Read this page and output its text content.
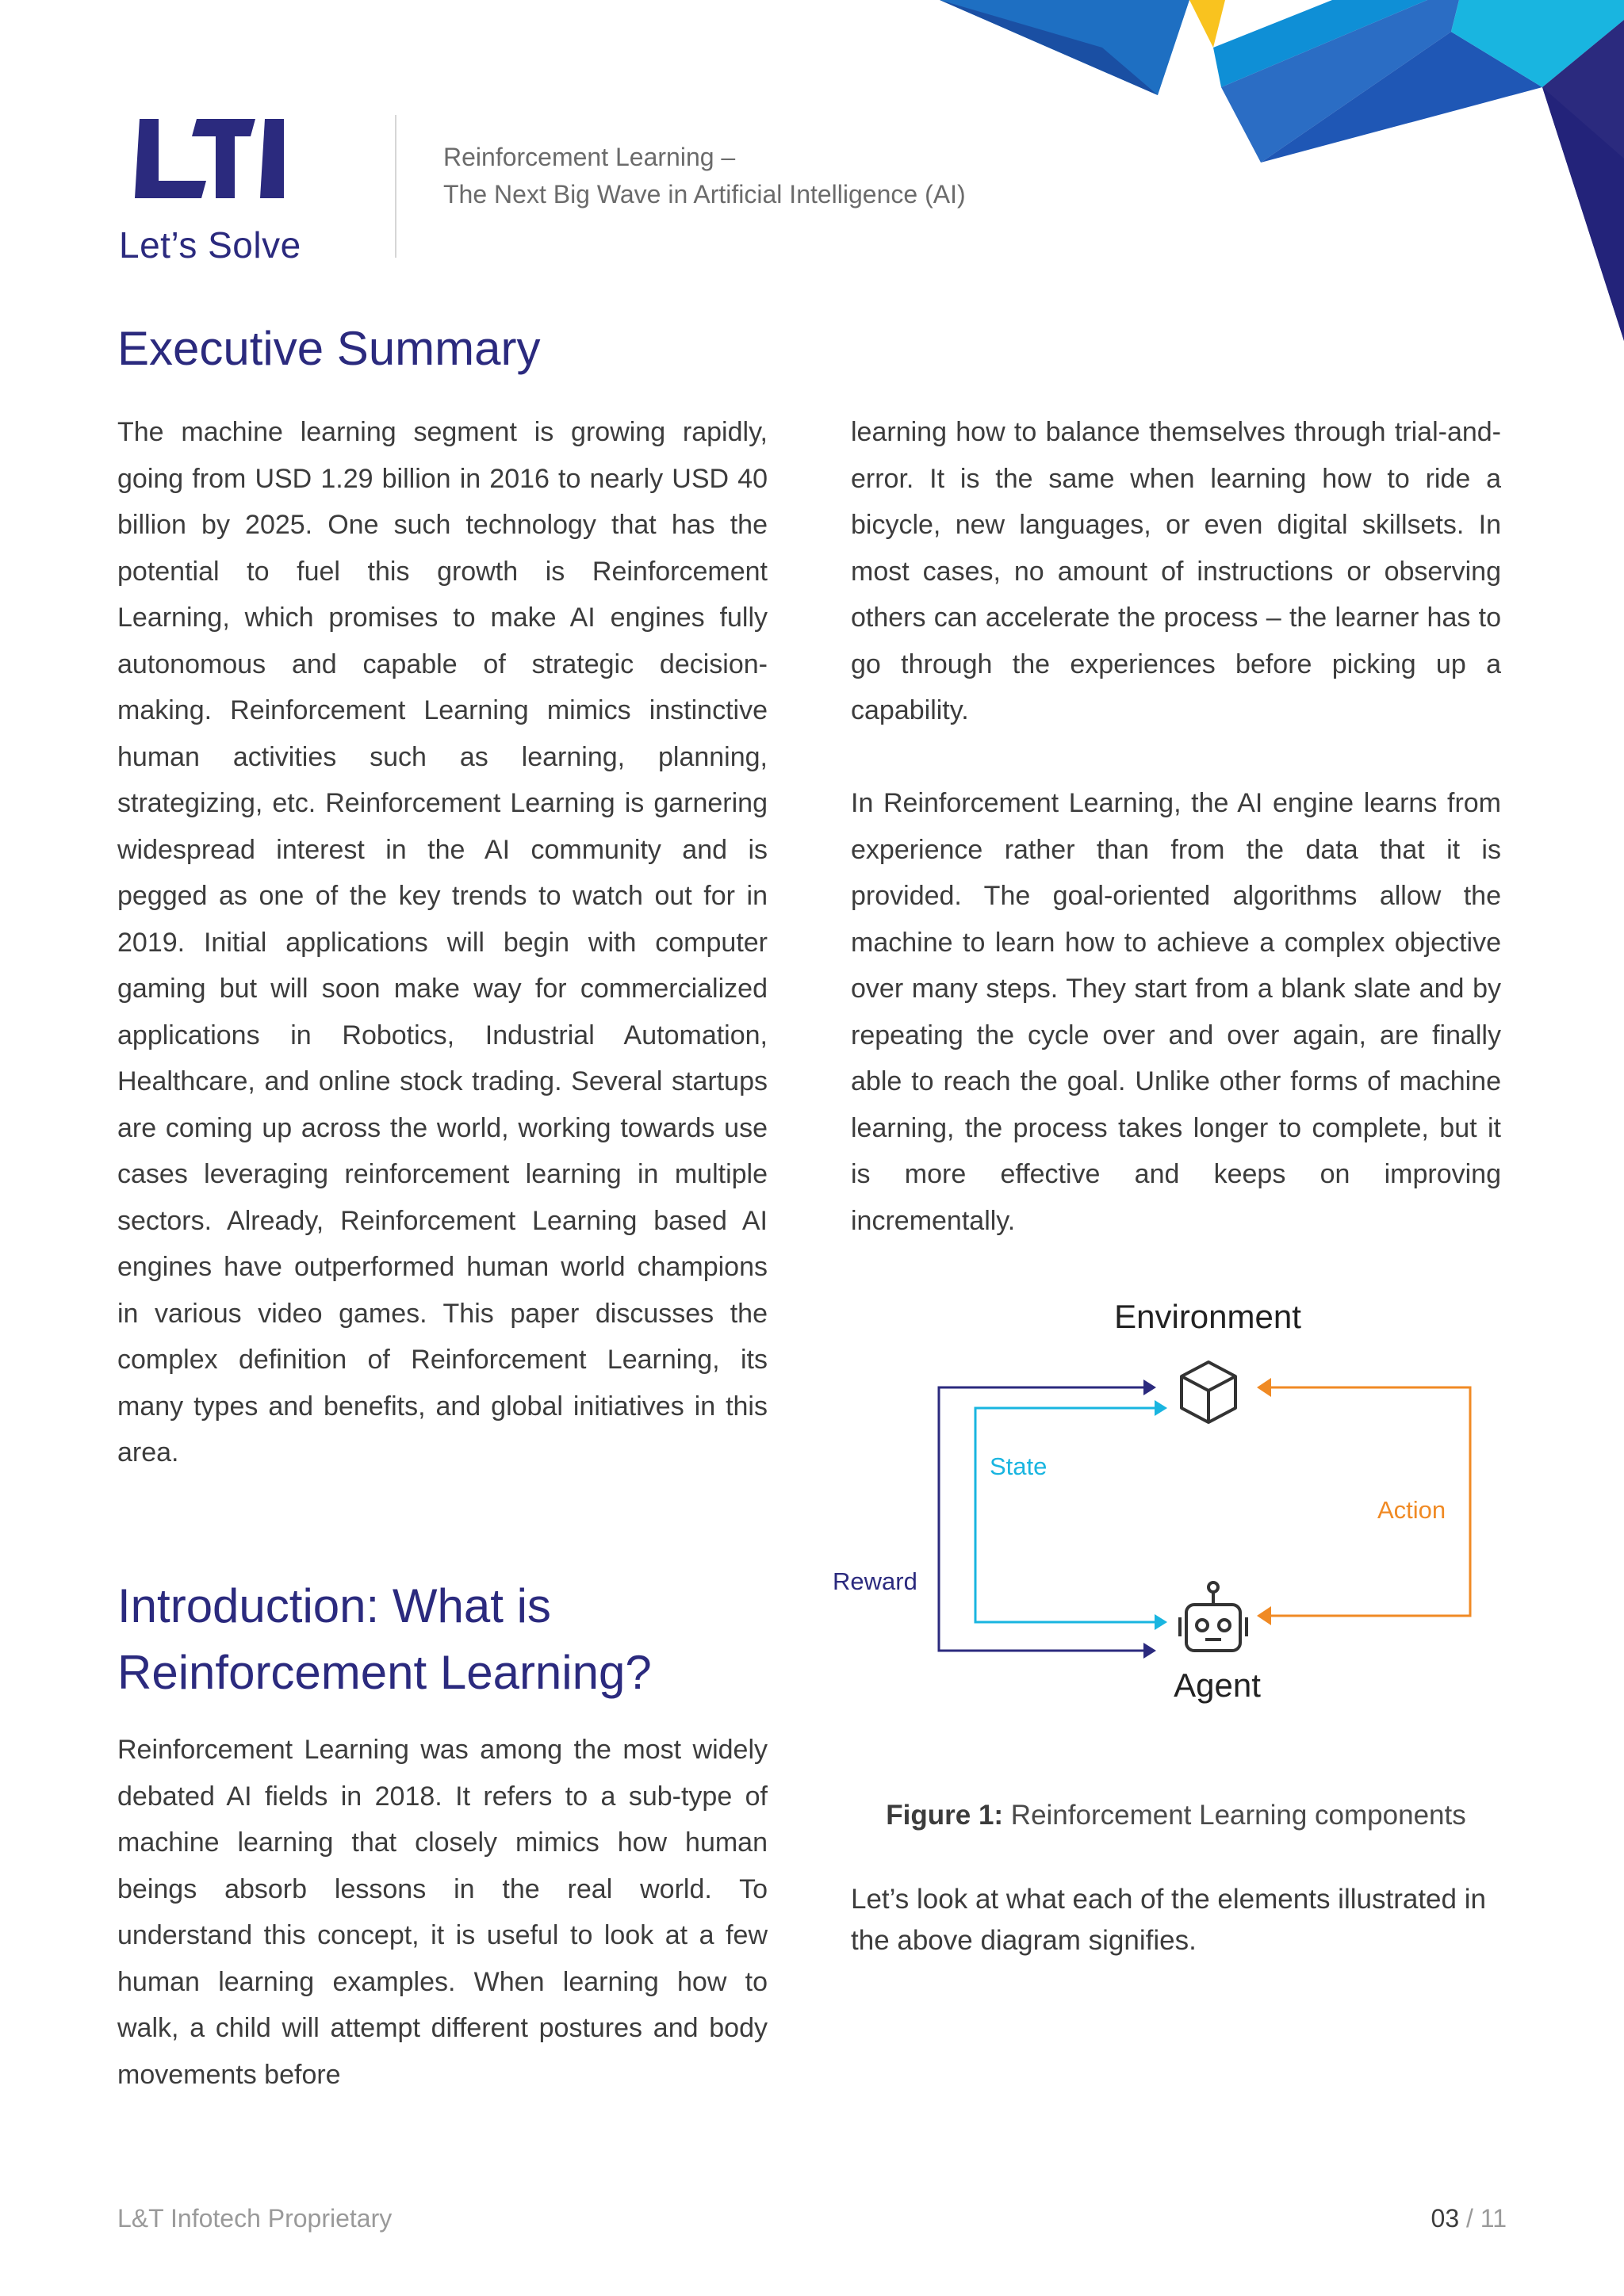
Let’s Solve
Reinforcement Learning –
The Next Big Wave in Artificial Intelligence (AI)
Executive Summary

The machine learning segment is growing rapidly, going from USD 1.29 billion in 2016 to nearly USD 40 billion by 2025. One such technology that has the potential to fuel this growth is Reinforcement Learning, which promises to make AI engines fully autonomous and capable of strategic decision-making. Reinforcement Learning mimics instinctive human activities such as learning, planning, strategizing, etc. Reinforcement Learning is garnering widespread interest in the AI community and is pegged as one of the key trends to watch out for in 2019. Initial applications will begin with computer gaming but will soon make way for commercialized applications in Robotics, Industrial Automation, Healthcare, and online stock trading. Several startups are coming up across the world, working towards use cases leveraging reinforcement learning in multiple sectors. Already, Reinforcement Learning based AI engines have outperformed human world champions in various video games. This paper discusses the complex definition of Reinforcement Learning, its many types and benefits, and global initiatives in this area.

Introduction: What is
Reinforcement Learning?

Reinforcement Learning was among the most widely debated AI fields in 2018. It refers to a sub-type of machine learning that closely mimics how human beings absorb lessons in the real world. To understand this concept, it is useful to look at a few human learning examples. When learning how to walk, a child will attempt different postures and body movements before

learning how to balance themselves through trial-and-error. It is the same when learning how to ride a bicycle, new languages, or even digital skillsets. In most cases, no amount of instructions or observing others can accelerate the process – the learner has to go through the experiences before picking up a capability.

In Reinforcement Learning, the AI engine learns from experience rather than from the data that it is provided. The goal-oriented algorithms allow the machine to learn how to achieve a complex objective over many steps. They start from a blank slate and by repeating the cycle over and over again, are finally able to reach the goal. Unlike other forms of machine learning, the process takes longer to complete, but it is more effective and keeps on improving incrementally.

Environment
Agent
State
Action
Reward
Figure 1: Reinforcement Learning components

Let’s look at what each of the elements illustrated in the above diagram signifies.

L&T Infotech Proprietary	03 / 11
